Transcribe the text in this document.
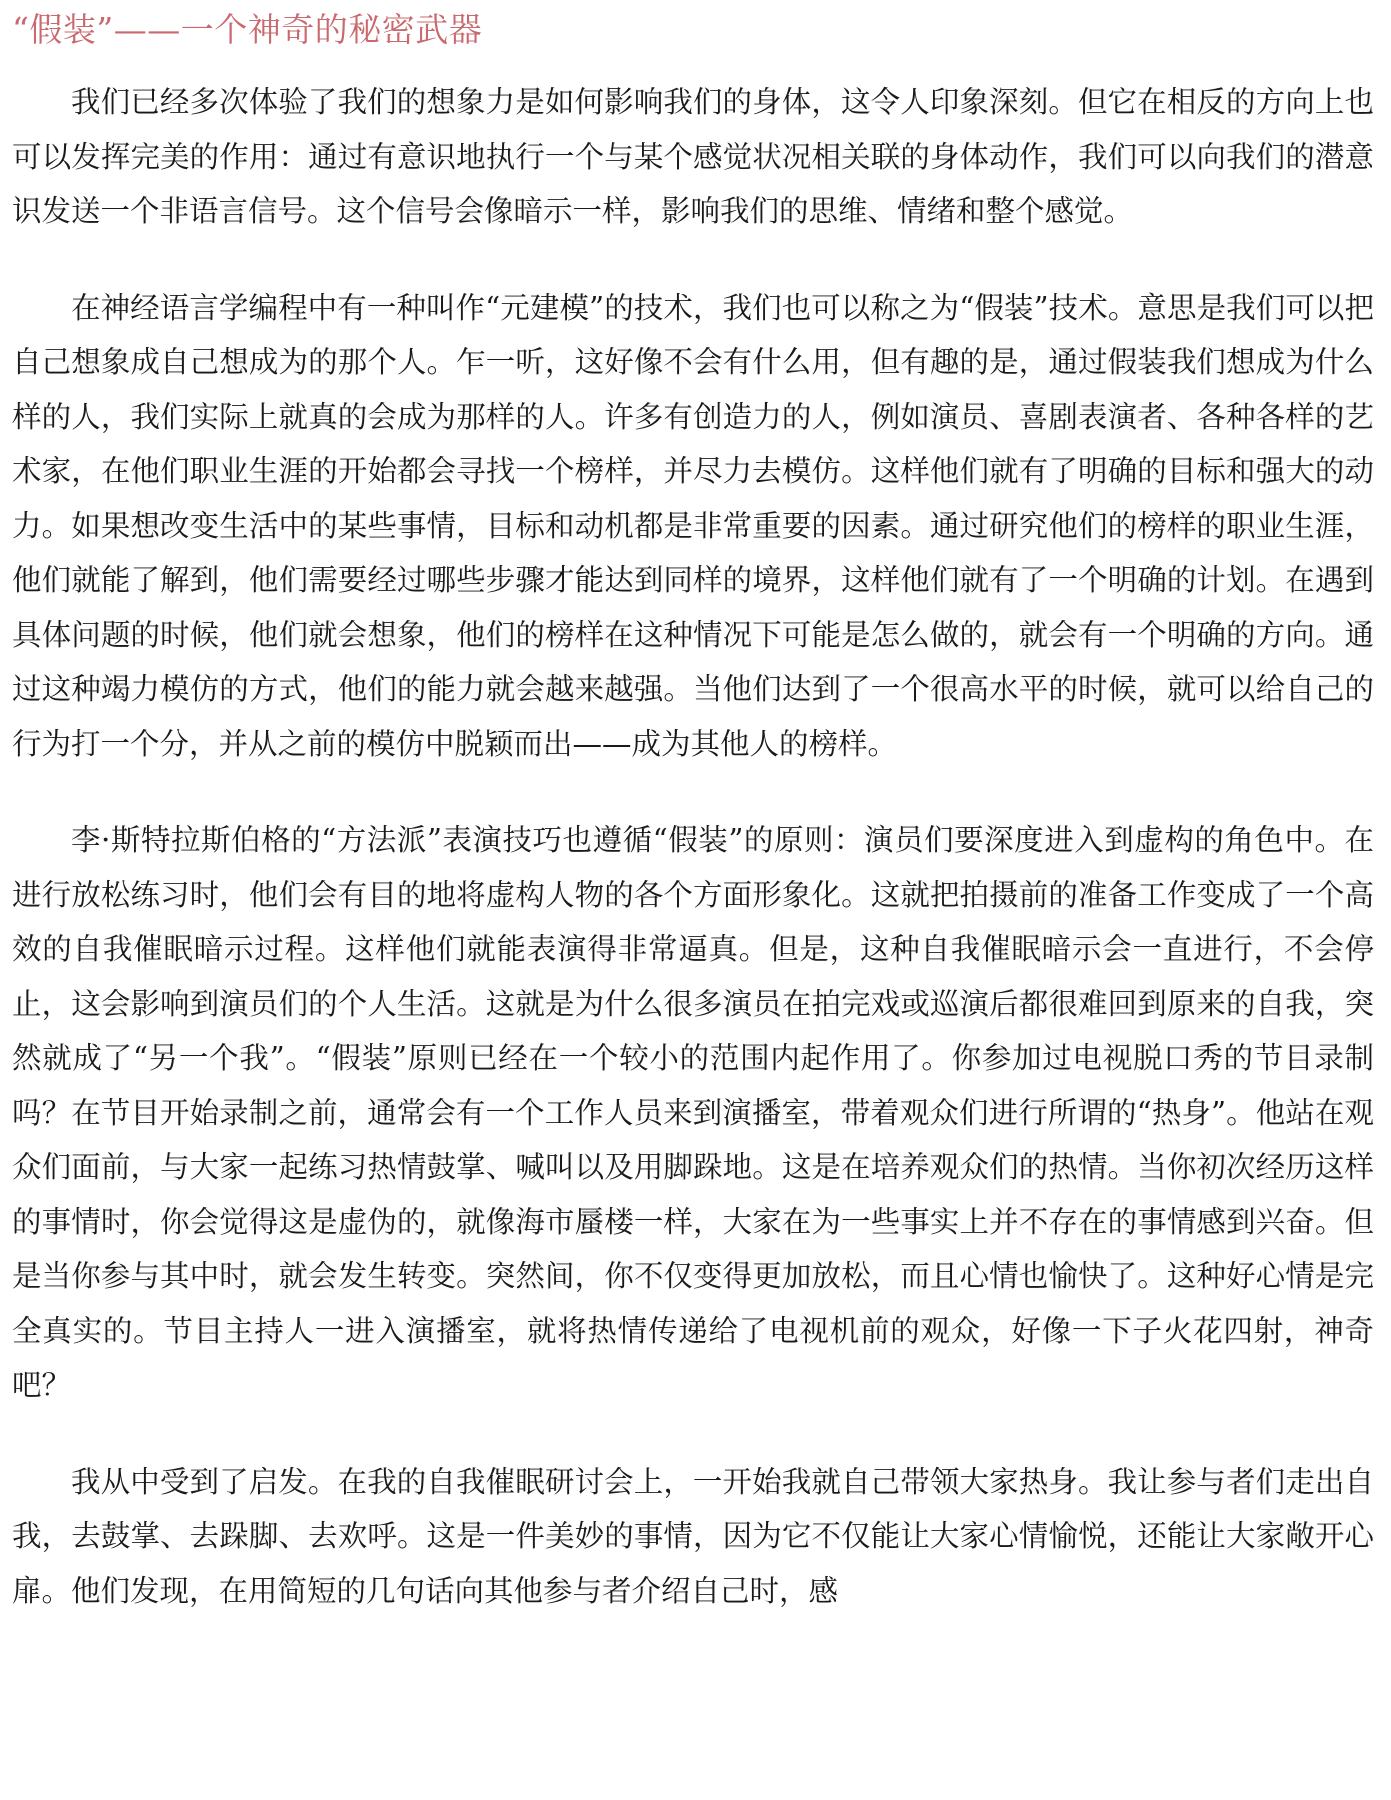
“假装”——一个神奇的秘密武器

我们已经多次体验了我们的想象力是如何影响我们的身体，这令人印象深刻。但它在相反的方向上也可以发挥完美的作用：通过有意识地执行一个与某个感觉状况相关联的身体动作，我们可以向我们的潜意识发送一个非语言信号。这个信号会像暗示一样，影响我们的思维、情绪和整个感觉。

在神经语言学编程中有一种叫作“元建模”的技术，我们也可以称之为“假装”技术。意思是我们可以把自己想象成自己想成为的那个人。乍一听，这好像不会有什么用，但有趣的是，通过假装我们想成为什么样的人，我们实际上就真的会成为那样的人。许多有创造力的人，例如演员、喜剧表演者、各种各样的艺术家，在他们职业生涯的开始都会寻找一个榜样，并尽力去模仿。这样他们就有了明确的目标和强大的动力。如果想改变生活中的某些事情，目标和动机都是非常重要的因素。通过研究他们的榜样的职业生涯，他们就能了解到，他们需要经过哪些步骤才能达到同样的境界，这样他们就有了一个明确的计划。在遇到具体问题的时候，他们就会想象，他们的榜样在这种情况下可能是怎么做的，就会有一个明确的方向。通过这种竭力模仿的方式，他们的能力就会越来越强。当他们达到了一个很高水平的时候，就可以给自己的行为打一个分，并从之前的模仿中脱颖而出——成为其他人的榜样。

李·斯特拉斯伯格的“方法派”表演技巧也遵循“假装”的原则：演员们要深度进入到虚构的角色中。在进行放松练习时，他们会有目的地将虚构人物的各个方面形象化。这就把拍摄前的准备工作变成了一个高效的自我催眠暗示过程。这样他们就能表演得非常逼真。但是，这种自我催眠暗示会一直进行，不会停止，这会影响到演员们的个人生活。这就是为什么很多演员在拍完戏或巡演后都很难回到原来的自我，突然就成了“另一个我”。“假装”原则已经在一个较小的范围内起作用了。你参加过电视脱口秀的节目录制吗？在节目开始录制之前，通常会有一个工作人员来到演播室，带着观众们进行所谓的“热身”。他站在观众们面前，与大家一起练习热情鼓掌、喊叫以及用脚跺地。这是在培养观众们的热情。当你初次经历这样的事情时，你会觉得这是虚伪的，就像海市蜃楼一样，大家在为一些事实上并不存在的事情感到兴奋。但是当你参与其中时，就会发生转变。突然间，你不仅变得更加放松，而且心情也愉快了。这种好心情是完全真实的。节目主持人一进入演播室，就将热情传递给了电视机前的观众，好像一下子火花四射，神奇吧？

我从中受到了启发。在我的自我催眠研讨会上，一开始我就自己带领大家热身。我让参与者们走出自我，去鼓掌、去跺脚、去欢呼。这是一件美妙的事情，因为它不仅能让大家心情愉悦，还能让大家敞开心扉。他们发现，在用简短的几句话向其他参与者介绍自己时，感
